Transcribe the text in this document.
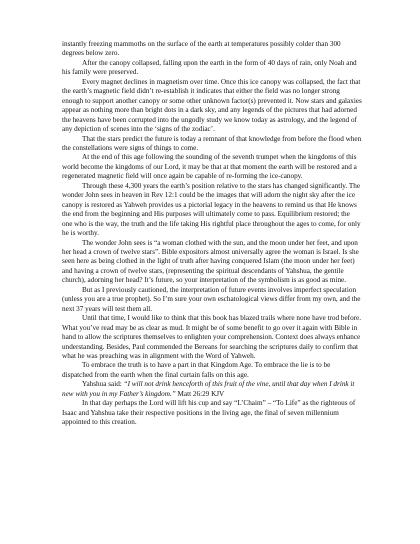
instantly freezing mammoths on the surface of the earth at temperatures possibly colder than 300 degrees below zero.

After the canopy collapsed, falling upon the earth in the form of 40 days of rain, only Noah and his family were preserved.

Every magnet declines in magnetism over time. Once this ice canopy was collapsed, the fact that the earth’s magnetic field didn’t re-establish it indicates that either the field was no longer strong enough to support another canopy or some other unknown factor(s) prevented it. Now stars and galaxies appear as nothing more than bright dots in a dark sky, and any legends of the pictures that had adorned the heavens have been corrupted into the ungodly study we know today as astrology, and the legend of any depiction of scenes into the ‘signs of the zodiac’.

That the stars predict the future is today a remnant of that knowledge from before the flood when the constellations were signs of things to come.

At the end of this age following the sounding of the seventh trumpet when the kingdoms of this world become the kingdoms of our Lord, it may be that at that moment the earth will be restored and a regenerated magnetic field will once again be capable of re-forming the ice-canopy.

Through these 4,300 years the earth’s position relative to the stars has changed significantly. The wonder John sees in heaven in Rev 12:1 could be the images that will adorn the night sky after the ice canopy is restored as Yahweh provides us a pictorial legacy in the heavens to remind us that He knows the end from the beginning and His purposes will ultimately come to pass. Equilibrium restored; the one who is the way, the truth and the life taking His rightful place throughout the ages to come, for only he is worthy.

The wonder John sees is “a woman clothed with the sun, and the moon under her feet, and upon her head a crown of twelve stars”. Bible expositors almost universally agree the woman is Israel. Is she seen here as being clothed in the light of truth after having conquered Islam (the moon under her feet) and having a crown of twelve stars, (representing the spiritual descendants of Yahshua, the gentile church), adorning her head? It’s future, so your interpretation of the symbolism is as good as mine.

But as I previously cautioned, the interpretation of future events involves imperfect speculation (unless you are a true prophet). So I’m sure your own eschatological views differ from my own, and the next 37 years will test them all.

Until that time, I would like to think that this book has blazed trails where none have trod before. What you’ve read may be as clear as mud. It might be of some benefit to go over it again with Bible in hand to allow the scriptures themselves to enlighten your comprehension. Context does always enhance understanding. Besides, Paul commended the Bereans for searching the scriptures daily to confirm that what he was preaching was in alignment with the Word of Yahweh.

To embrace the truth is to have a part in that Kingdom Age. To embrace the lie is to be dispatched from the earth when the final curtain falls on this age.

Yahshua said: “I will not drink henceforth of this fruit of the vine, until that day when I drink it new with you in my Father’s kingdom.” Matt 26:29 KJV

In that day perhaps the Lord will lift his cup and say “L’Chaim” – “To Life” as the righteous of Isaac and Yahshua take their respective positions in the living age, the final of seven millennium appointed to this creation.
